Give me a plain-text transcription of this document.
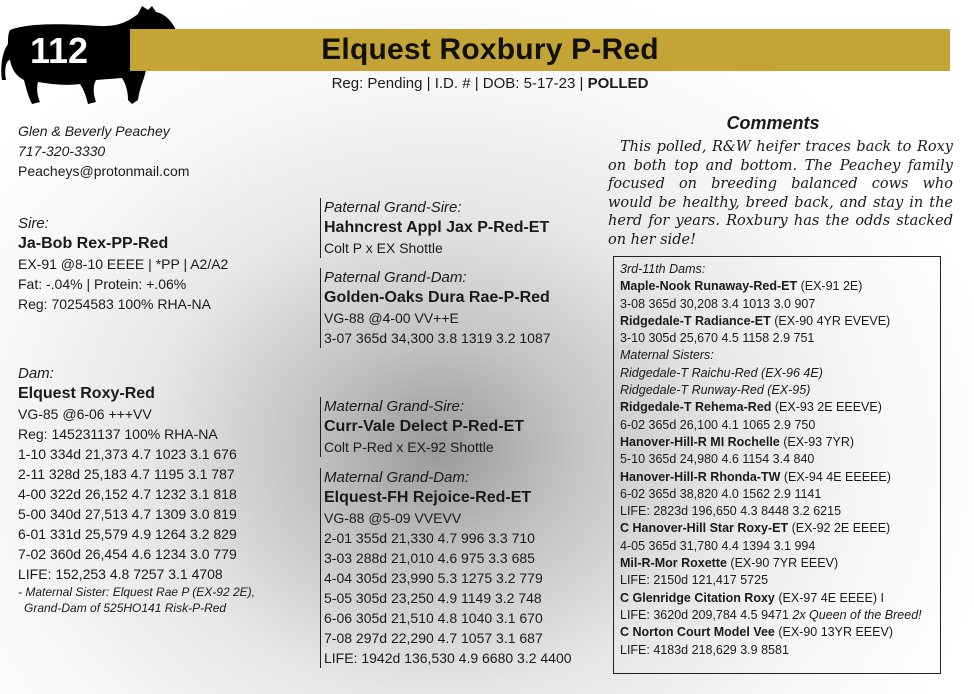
112	Elquest Roxbury P-Red
Reg: Pending | I.D. # | DOB: 5-17-23 | POLLED
Glen & Beverly Peachey
717-320-3330
Peacheys@protonmail.com
Sire:
Ja-Bob Rex-PP-Red
EX-91 @8-10 EEEE | *PP | A2/A2
Fat: -.04% | Protein: +.06%
Reg: 70254583 100% RHA-NA
Dam:
Elquest Roxy-Red
VG-85 @6-06 +++VV
Reg: 145231137 100% RHA-NA
1-10 334d 21,373 4.7 1023 3.1 676
2-11 328d 25,183 4.7 1195 3.1 787
4-00 322d 26,152 4.7 1232 3.1 818
5-00 340d 27,513 4.7 1309 3.0 819
6-01 331d 25,579 4.9 1264 3.2 829
7-02 360d 26,454 4.6 1234 3.0 779
LIFE: 152,253 4.8 7257 3.1 4708
- Maternal Sister: Elquest Rae P (EX-92 2E),
Grand-Dam of 525HO141 Risk-P-Red
Paternal Grand-Sire:
Hahncrest Appl Jax P-Red-ET
Colt P x EX Shottle
Paternal Grand-Dam:
Golden-Oaks Dura Rae-P-Red
VG-88 @4-00 VV++E
3-07 365d 34,300 3.8 1319 3.2 1087
Maternal Grand-Sire:
Curr-Vale Delect P-Red-ET
Colt P-Red x EX-92 Shottle
Maternal Grand-Dam:
Elquest-FH Rejoice-Red-ET
VG-88 @5-09 VVEVV
2-01 355d 21,330 4.7 996 3.3 710
3-03 288d 21,010 4.6 975 3.3 685
4-04 305d 23,990 5.3 1275 3.2 779
5-05 305d 23,250 4.9 1149 3.2 748
6-06 305d 21,510 4.8 1040 3.1 670
7-08 297d 22,290 4.7 1057 3.1 687
LIFE: 1942d 136,530 4.9 6680 3.2 4400
Comments
This polled, R&W heifer traces back to Roxy on both top and bottom. The Peachey family focused on breeding balanced cows who would be healthy, breed back, and stay in the herd for years. Roxbury has the odds stacked on her side!
3rd-11th Dams:
Maple-Nook Runaway-Red-ET (EX-91 2E)
3-08 365d 30,208 3.4 1013 3.0 907
Ridgedale-T Radiance-ET (EX-90 4YR EVEVE)
3-10 305d 25,670 4.5 1158 2.9 751
Maternal Sisters:
Ridgedale-T Raichu-Red (EX-96 4E)
Ridgedale-T Runway-Red (EX-95)
Ridgedale-T Rehema-Red (EX-93 2E EEEVE)
6-02 365d 26,100 4.1 1065 2.9 750
Hanover-Hill-R MI Rochelle (EX-93 7YR)
5-10 365d 24,980 4.6 1154 3.4 840
Hanover-Hill-R Rhonda-TW (EX-94 4E EEEEE)
6-02 365d 38,820 4.0 1562 2.9 1141
LIFE: 2823d 196,650 4.3 8448 3.2 6215
C Hanover-Hill Star Roxy-ET (EX-92 2E EEEE)
4-05 365d 31,780 4.4 1394 3.1 994
Mil-R-Mor Roxette (EX-90 7YR EEEV)
LIFE: 2150d 121,417 5725
C Glenridge Citation Roxy (EX-97 4E EEEE) I
LIFE: 3620d 209,784 4.5 9471 2x Queen of the Breed!
C Norton Court Model Vee (EX-90 13YR EEEV)
LIFE: 4183d 218,629 3.9 8581
